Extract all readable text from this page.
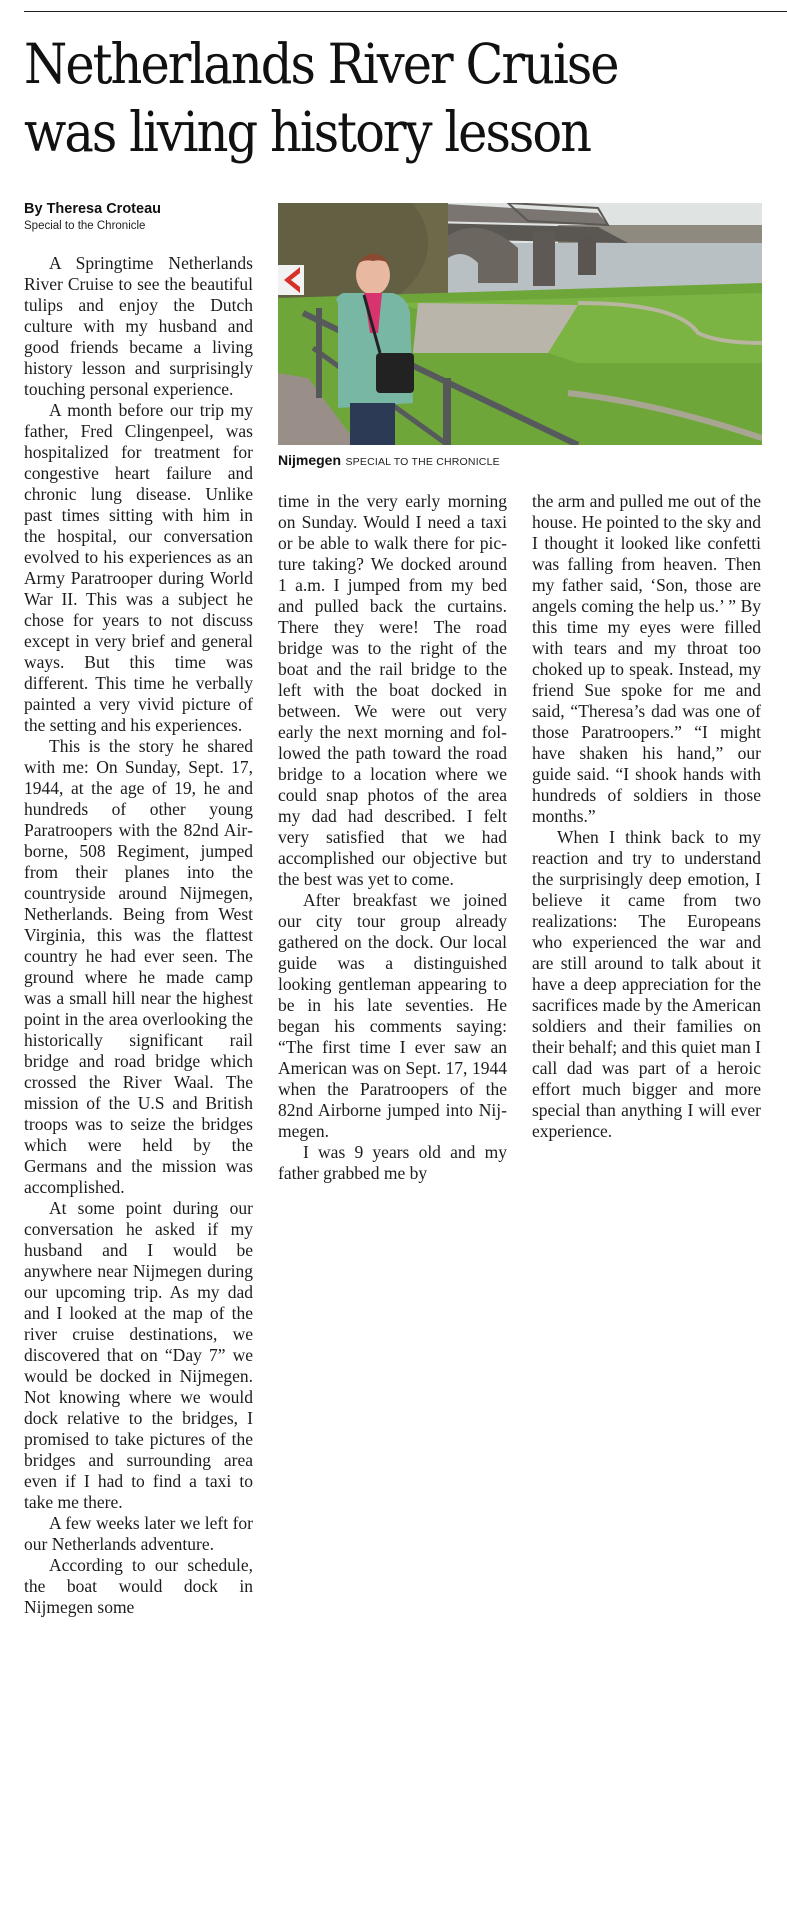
Netherlands River Cruise
was living history lesson
By Theresa Croteau
Special to the Chronicle

A Springtime Netherlands River Cruise to see the beautiful tulips and enjoy the Dutch culture with my husband and good friends became a living history lesson and surprisingly touching personal experience.

A month before our trip my father, Fred Clingenpeel, was hospitalized for treatment for congestive heart failure and chronic lung disease. Unlike past times sitting with him in the hospital, our conversation evolved to his experiences as an Army Paratrooper during World War II. This was a subject he chose for years to not discuss except in very brief and general ways. But this time was different. This time he verbally painted a very vivid picture of the setting and his experiences.

This is the story he shared with me: On Sunday, Sept. 17, 1944, at the age of 19, he and hundreds of other young Paratroopers with the 82nd Airborne, 508 Regiment, jumped from their planes into the countryside around Nijmegen, Netherlands. Being from West Virginia, this was the flattest country he had ever seen. The ground where he made camp was a small hill near the highest point in the area overlooking the historically significant rail bridge and road bridge which crossed the River Waal. The mission of the U.S and British troops was to seize the bridges which were held by the Germans and the mission was accomplished.

At some point during our conversation he asked if my husband and I would be anywhere near Nijmegen during our upcoming trip. As my dad and I looked at the map of the river cruise destinations, we discovered that on “Day 7” we would be docked in Nijmegen. Not knowing where we would dock relative to the bridges, I promised to take pictures of the bridges and surrounding area even if I had to find a taxi to take me there.

A few weeks later we left for our Netherlands adventure.

According to our schedule, the boat would dock in Nijmegen some

Nijmegen SPECIAL TO THE CHRONICLE

time in the very early morning on Sunday. Would I need a taxi or be able to walk there for picture taking? We docked around 1 a.m. I jumped from my bed and pulled back the curtains. There they were! The road bridge was to the right of the boat and the rail bridge to the left with the boat docked in between. We were out very early the next morning and followed the path toward the road bridge to a location where we could snap photos of the area my dad had described. I felt very satisfied that we had accomplished our objective but the best was yet to come.

After breakfast we joined our city tour group already gathered on the dock. Our local guide was a distinguished looking gentleman appearing to be in his late seventies. He began his comments saying: “The first time I ever saw an American was on Sept. 17, 1944 when the Paratroopers of the 82nd Airborne jumped into Nijmegen.

I was 9 years old and my father grabbed me by

the arm and pulled me out of the house. He pointed to the sky and I thought it looked like confetti was falling from heaven. Then my father said, ‘Son, those are angels coming the help us.’ ” By this time my eyes were filled with tears and my throat too choked up to speak. Instead, my friend Sue spoke for me and said, “Theresa’s dad was one of those Paratroopers.” “I might have shaken his hand,” our guide said. “I shook hands with hundreds of soldiers in those months.”

When I think back to my reaction and try to understand the surprisingly deep emotion, I believe it came from two realizations: The Europeans who experienced the war and are still around to talk about it have a deep appreciation for the sacrifices made by the American soldiers and their families on their behalf; and this quiet man I call dad was part of a heroic effort much bigger and more special than anything I will ever experience.
